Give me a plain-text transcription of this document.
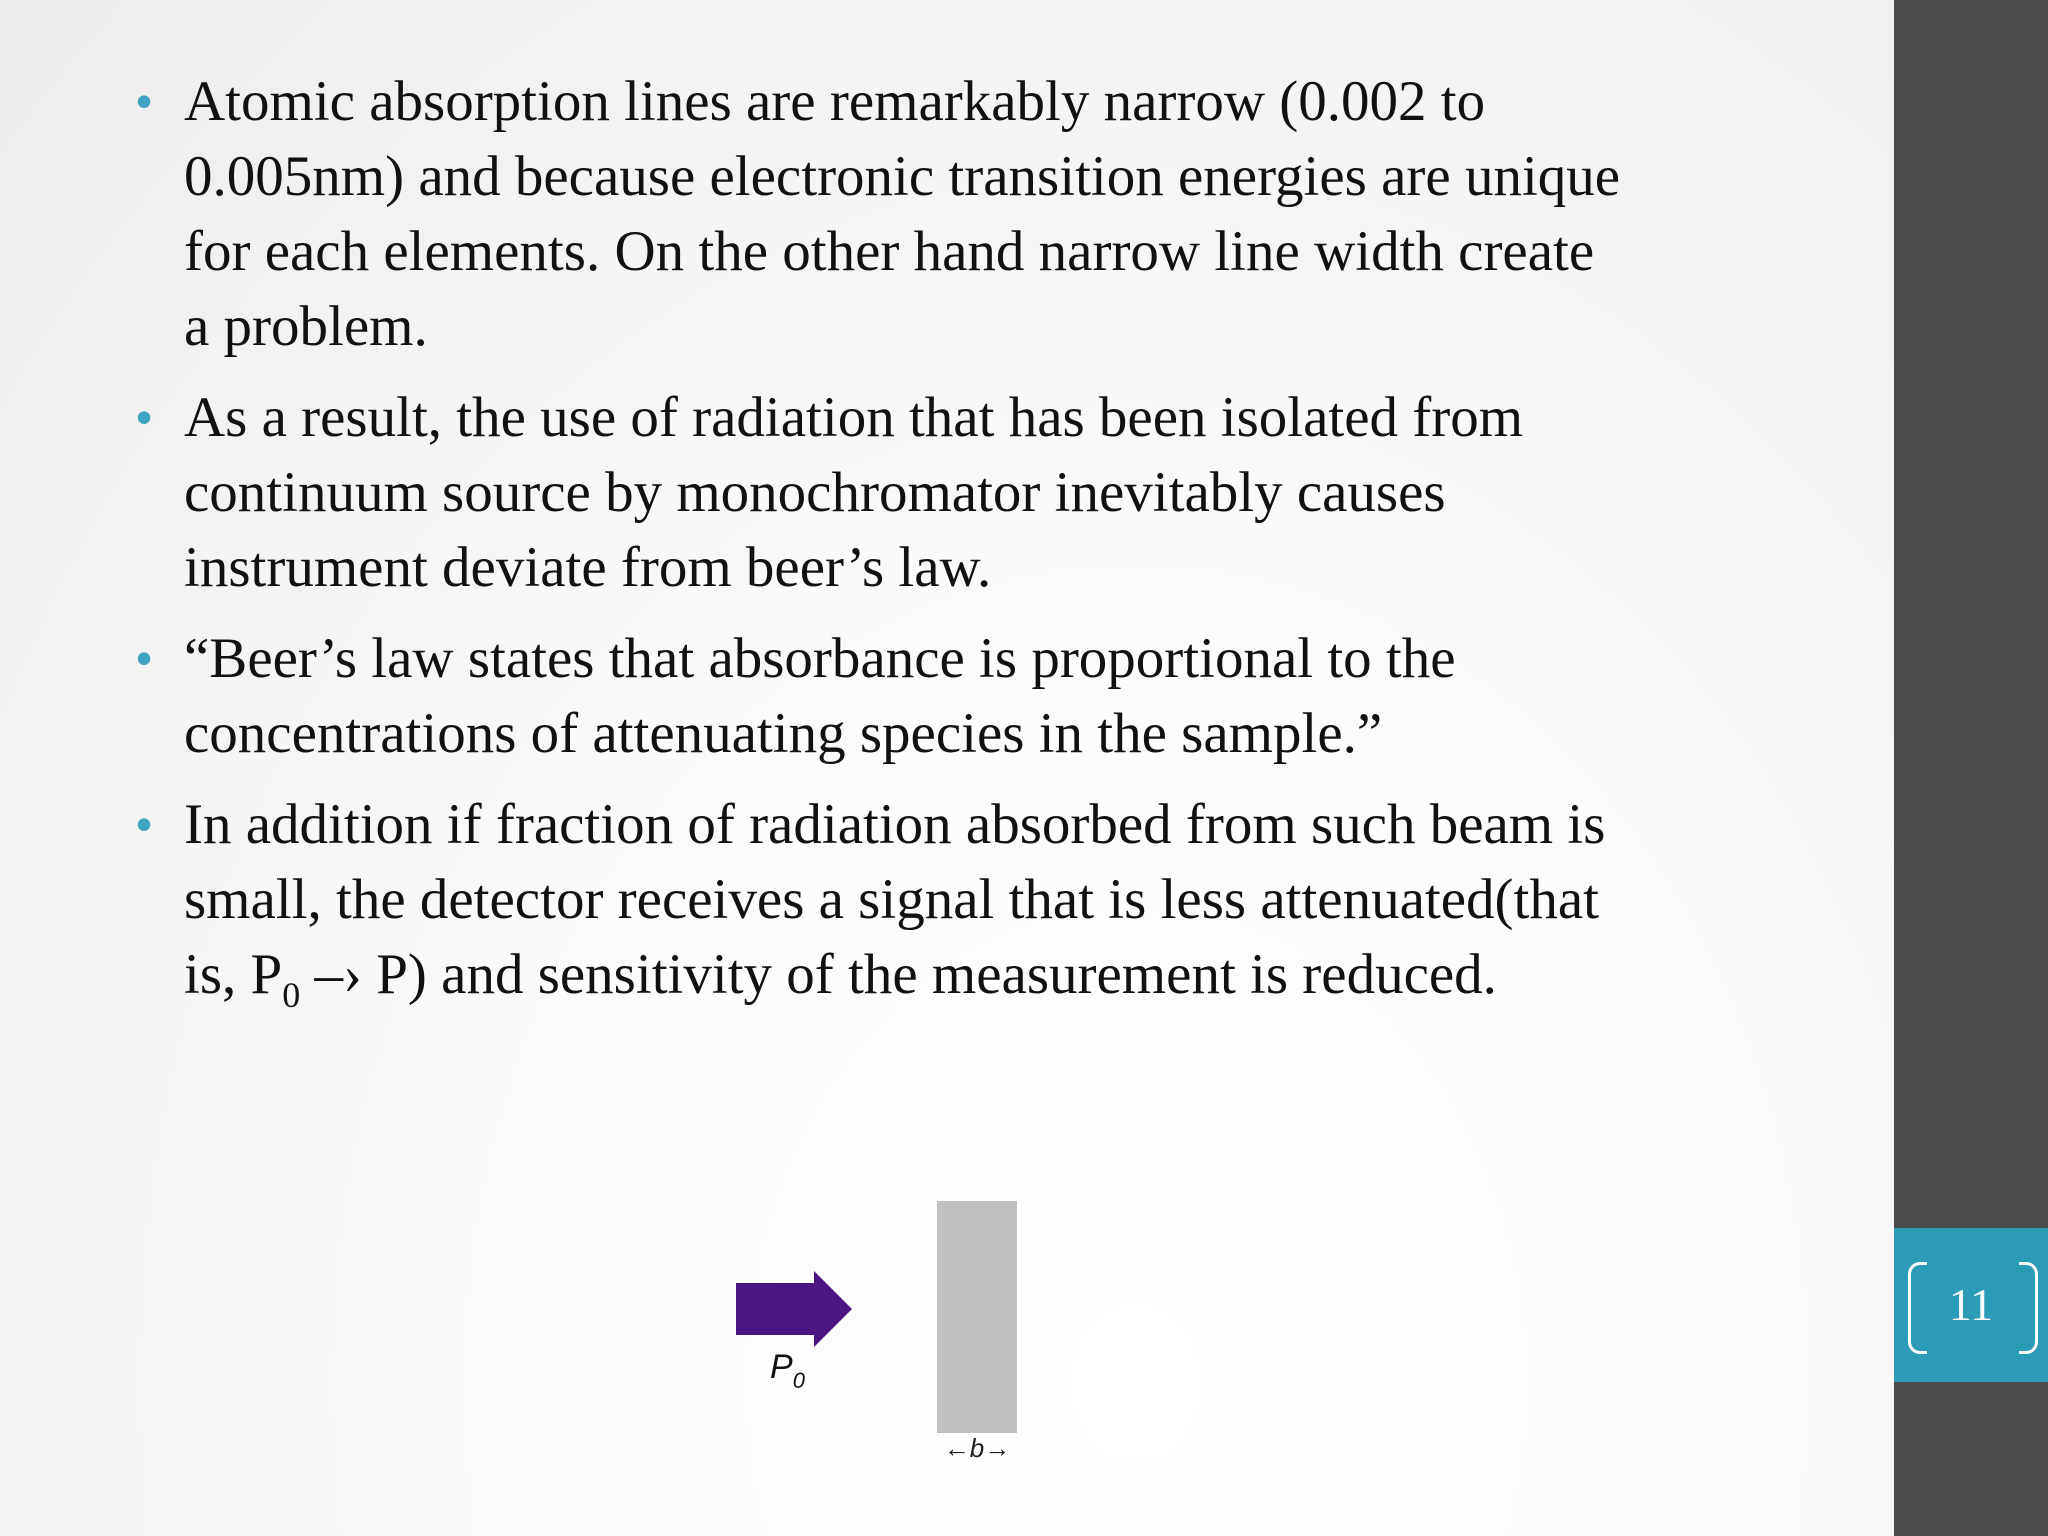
• Atomic absorption lines are remarkably narrow (0.002 to
0.005nm) and because electronic transition energies are unique
for each elements. On the other hand narrow line width create
a problem.
• As a result, the use of radiation that has been isolated from
continuum source by monochromator inevitably causes
instrument deviate from beer’s law.
• “Beer’s law states that absorbance is proportional to the
concentrations of attenuating species in the sample.”
• In addition if fraction of radiation absorbed from such beam is
small, the detector receives a signal that is less attenuated(that
is, $P_0$ –› P) and sensitivity of the measurement is reduced.
$P_0$
←b→
11
